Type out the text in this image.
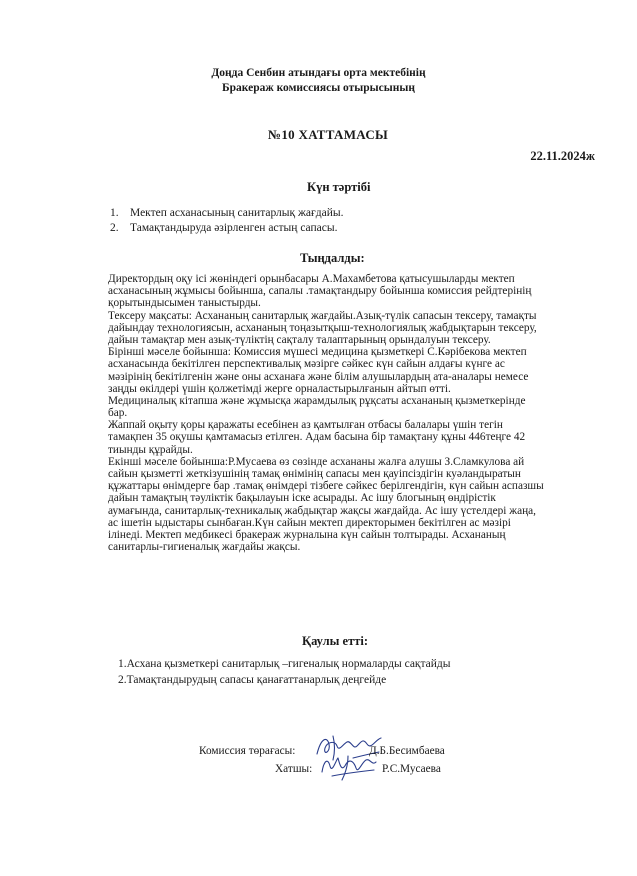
Доңда Сенбин атындағы орта мектебінің
Бракераж комиссиясы отырысының
№10 ХАТТАМАСЫ
22.11.2024ж
Күн тәртібі
1. Мектеп асханасының санитарлық жағдайы.
2. Тамақтандыруда әзірленген астың сапасы.
Тыңдалды:
Директордың оқу ісі жөніндегі орынбасары А.Махамбетова қатысушыларды мектеп
асханасының жұмысы бойынша, сапалы .тамақтандыру бойынша комиссия рейдтерінің
қорытындысымен таныстырды.
Тексеру мақсаты: Асхананың санитарлық жағдайы.Азық-түлік сапасын тексеру, тамақты
дайындау технологиясын, асхананың тоңазытқыш-технологиялық жабдықтарын тексеру,
дайын тамақтар мен азық-түліктің сақталу талаптарының орындалуын тексеру.
Бірінші мәселе бойынша: Комиссия мүшесі медицина қызметкері С.Кәрібекова мектеп
асханасында бекітілген перспективалық мәзірге сәйкес күн сайын алдағы күнге ас
мәзірінің бекітілгенін және оны асханаға және білім алушылардың ата-аналары немесе
заңды өкілдері үшін қолжетімді жерге орналастырылғанын айтып өтті.
Медициналық кітапша және жұмысқа жарамдылық рұқсаты асхананың қызметкерінде
бар.
Жаппай оқыту қоры қаражаты есебінен аз қамтылған отбасы балалары үшін тегін
тамақпен 35 оқушы қамтамасыз етілген. Адам басына бір тамақтану құны 446теңге 42
тиынды құрайды.
Екінші мәселе бойынша:Р.Мусаева өз сөзінде асхананы жалға алушы З.Сламкулова ай
сайын қызметті жеткізушінің тамақ өнімінің сапасы мен қауіпсіздігін куәландыратын
құжаттары өнімдерге бар .тамақ өнімдері тізбеге сәйкес берілгендігін, күн сайын аспазшы
дайын тамақтың тәуліктік бақылауын іске асырады. Ас ішу блогының өндірістік
аумағында, санитарлық-техникалық жабдықтар жақсы жағдайда. Ас ішу үстелдері жаңа,
ас ішетін ыдыстары сынбаған.Күн сайын мектеп директорымен бекітілген ас мәзірі
ілінеді. Мектеп медбикесі бракераж журналына күн сайын толтырады. Асхананың
санитарлы-гигиеналық жағдайы жақсы.
Қаулы етті:
1.Асхана қызметкері санитарлық –гигеналық нормаларды сақтайды
2.Тамақтандырудың сапасы қанағаттанарлық деңгейде
Комиссия төрағасы:	Д.Б.Бесимбаева
Хатшы:	Р.С.Мусаева
